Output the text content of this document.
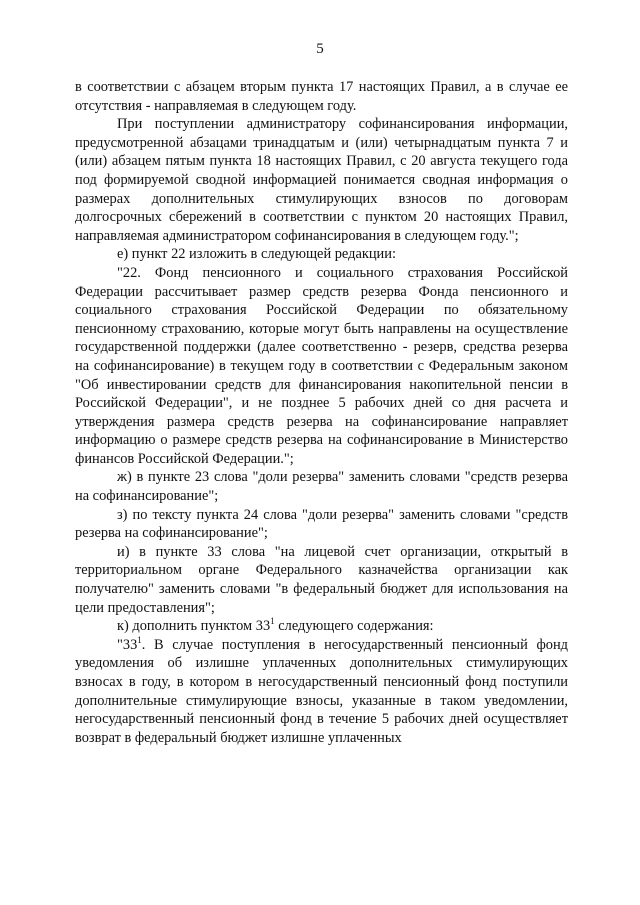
5

в соответствии с абзацем вторым пункта 17 настоящих Правил, а в случае ее отсутствия - направляемая в следующем году.

При поступлении администратору софинансирования информации, предусмотренной абзацами тринадцатым и (или) четырнадцатым пункта 7 и (или) абзацем пятым пункта 18 настоящих Правил, с 20 августа текущего года под формируемой сводной информацией понимается сводная информация о размерах дополнительных стимулирующих взносов по договорам долгосрочных сбережений в соответствии с пунктом 20 настоящих Правил, направляемая администратором софинансирования в следующем году.";

е) пункт 22 изложить в следующей редакции:

"22. Фонд пенсионного и социального страхования Российской Федерации рассчитывает размер средств резерва Фонда пенсионного и социального страхования Российской Федерации по обязательному пенсионному страхованию, которые могут быть направлены на осуществление государственной поддержки (далее соответственно - резерв, средства резерва на софинансирование) в текущем году в соответствии с Федеральным законом "Об инвестировании средств для финансирования накопительной пенсии в Российской Федерации", и не позднее 5 рабочих дней со дня расчета и утверждения размера средств резерва на софинансирование направляет информацию о размере средств резерва на софинансирование в Министерство финансов Российской Федерации.";

ж) в пункте 23 слова "доли резерва" заменить словами "средств резерва на софинансирование";

з) по тексту пункта 24 слова "доли резерва" заменить словами "средств резерва на софинансирование";

и) в пункте 33 слова "на лицевой счет организации, открытый в территориальном органе Федерального казначейства организации как получателю" заменить словами "в федеральный бюджет для использования на цели предоставления";

к) дополнить пунктом $33^1$ следующего содержания:

"$33^1$. В случае поступления в негосударственный пенсионный фонд уведомления об излишне уплаченных дополнительных стимулирующих взносах в году, в котором в негосударственный пенсионный фонд поступили дополнительные стимулирующие взносы, указанные в таком уведомлении, негосударственный пенсионный фонд в течение 5 рабочих дней осуществляет возврат в федеральный бюджет излишне уплаченных
